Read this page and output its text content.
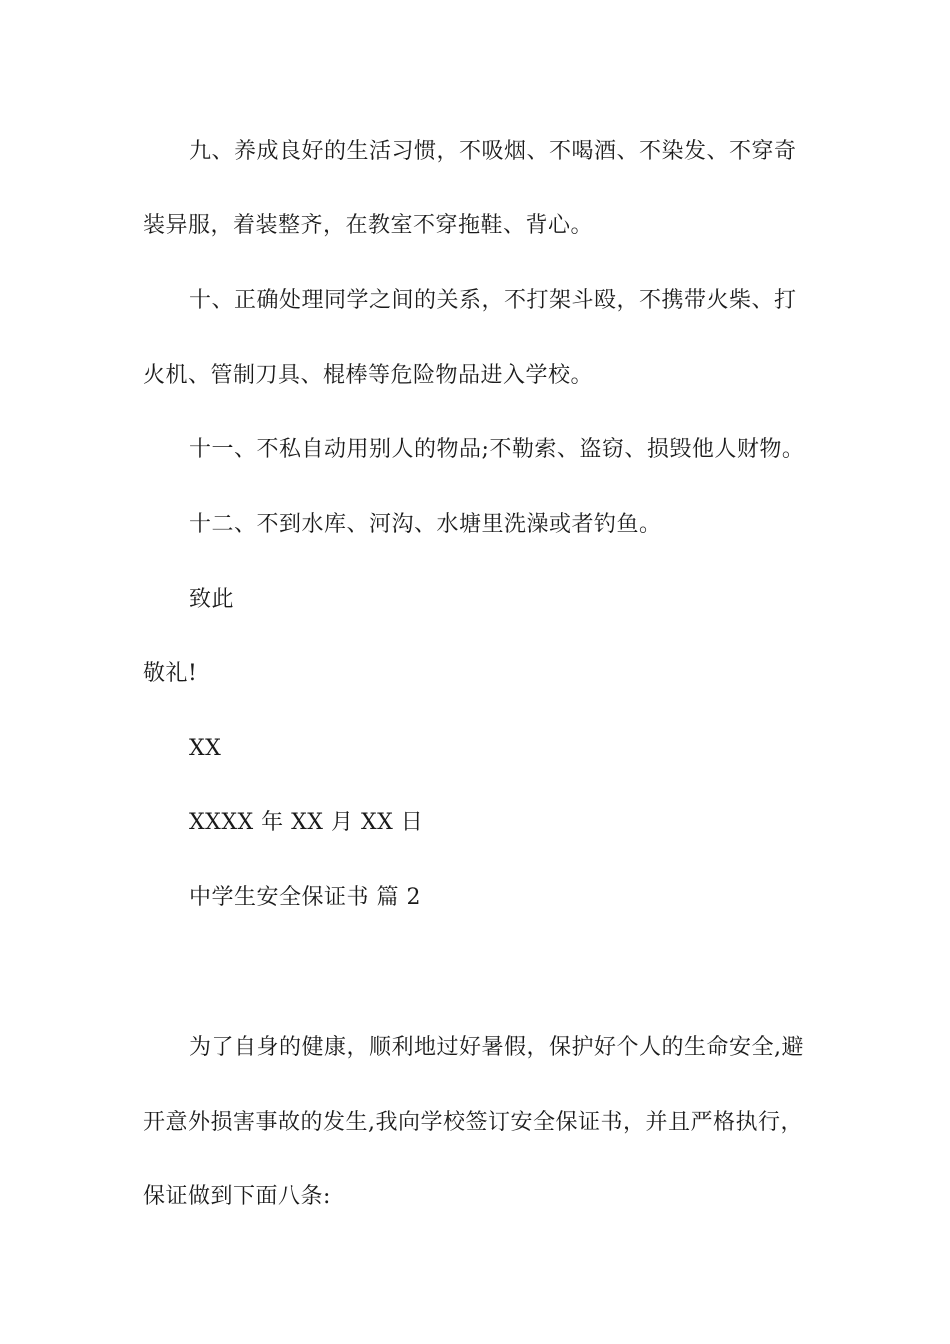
九、养成良好的生活习惯，不吸烟、不喝酒、不染发、不穿奇
装异服，着装整齐，在教室不穿拖鞋、背心。
十、正确处理同学之间的关系，不打架斗殴，不携带火柴、打
火机、管制刀具、棍棒等危险物品进入学校。
十一、不私自动用别人的物品;不勒索、盗窃、损毁他人财物。
十二、不到水库、河沟、水塘里洗澡或者钓鱼。
致此
敬礼!
XX
XXXX 年 XX 月 XX 日
中学生安全保证书 篇 2
为了自身的健康，顺利地过好暑假，保护好个人的生命安全,避
开意外损害事故的发生,我向学校签订安全保证书，并且严格执行，
保证做到下面八条:
